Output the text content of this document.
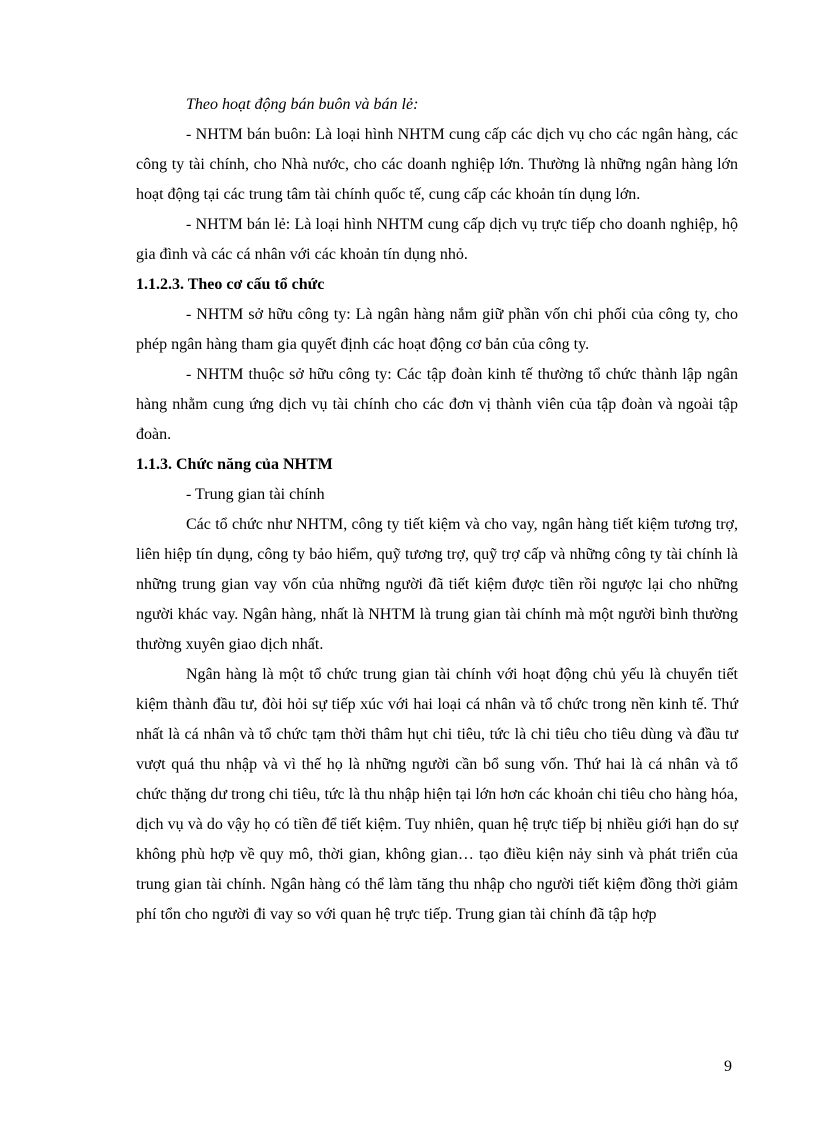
Theo hoạt động bán buôn và bán lẻ:

- NHTM bán buôn: Là loại hình NHTM cung cấp các dịch vụ cho các ngân hàng, các công ty tài chính, cho Nhà nước, cho các doanh nghiệp lớn. Thường là những ngân hàng lớn hoạt động tại các trung tâm tài chính quốc tế, cung cấp các khoản tín dụng lớn.

- NHTM bán lẻ: Là loại hình NHTM cung cấp dịch vụ trực tiếp cho doanh nghiệp, hộ gia đình và các cá nhân với các khoản tín dụng nhỏ.

1.1.2.3. Theo cơ cấu tổ chức

- NHTM sở hữu công ty: Là ngân hàng nắm giữ phần vốn chi phối của công ty, cho phép ngân hàng tham gia quyết định các hoạt động cơ bản của công ty.

- NHTM thuộc sở hữu công ty: Các tập đoàn kinh tế thường tổ chức thành lập ngân hàng nhằm cung ứng dịch vụ tài chính cho các đơn vị thành viên của tập đoàn và ngoài tập đoàn.

1.1.3. Chức năng của NHTM

- Trung gian tài chính

Các tổ chức như NHTM, công ty tiết kiệm và cho vay, ngân hàng tiết kiệm tương trợ, liên hiệp tín dụng, công ty bảo hiểm, quỹ tương trợ, quỹ trợ cấp và những công ty tài chính là những trung gian vay vốn của những người đã tiết kiệm được tiền rồi ngược lại cho những người khác vay. Ngân hàng, nhất là NHTM là trung gian tài chính mà một người bình thường thường xuyên giao dịch nhất.

Ngân hàng là một tổ chức trung gian tài chính với hoạt động chủ yếu là chuyển tiết kiệm thành đầu tư, đòi hỏi sự tiếp xúc với hai loại cá nhân và tổ chức trong nền kinh tế. Thứ nhất là cá nhân và tổ chức tạm thời thâm hụt chi tiêu, tức là chi tiêu cho tiêu dùng và đầu tư vượt quá thu nhập và vì thế họ là những người cần bổ sung vốn. Thứ hai là cá nhân và tổ chức thặng dư trong chi tiêu, tức là thu nhập hiện tại lớn hơn các khoản chi tiêu cho hàng hóa, dịch vụ và do vậy họ có tiền để tiết kiệm. Tuy nhiên, quan hệ trực tiếp bị nhiều giới hạn do sự không phù hợp về quy mô, thời gian, không gian… tạo điều kiện nảy sinh và phát triển của trung gian tài chính. Ngân hàng có thể làm tăng thu nhập cho người tiết kiệm đồng thời giảm phí tổn cho người đi vay so với quan hệ trực tiếp. Trung gian tài chính đã tập hợp

9
